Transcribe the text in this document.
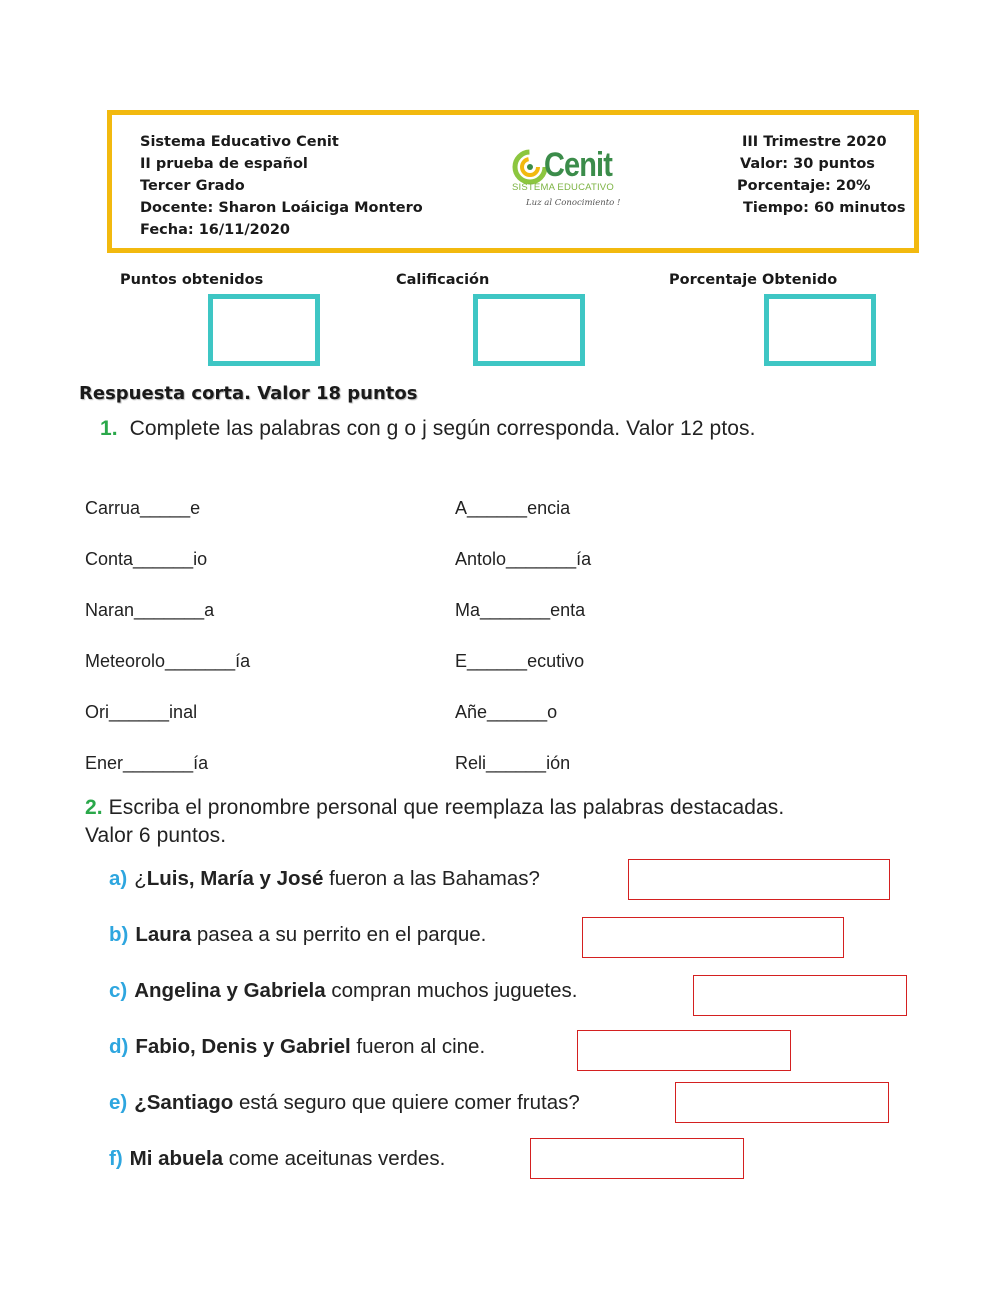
Sistema Educativo Cenit
II prueba de español
Tercer Grado
Docente: Sharon Loáiciga Montero
Fecha: 16/11/2020
Cenit
SISTEMA EDUCATIVO
Luz al Conocimiento !
III Trimestre 2020
Valor: 30 puntos
Porcentaje: 20%
Tiempo: 60 minutos
Puntos obtenidos	Calificación	Porcentaje Obtenido
Respuesta corta. Valor 18 puntos
1. Complete las palabras con g o j según corresponda. Valor 12 ptos.
Carrua_____e
Conta______io
Naran_______a
Meteorolo_______ía
Ori______inal
Ener_______ía
A______encia
Antolo_______ía
Ma_______enta
E______ecutivo
Añe______o
Reli______ión
2. Escriba el pronombre personal que reemplaza las palabras destacadas.
Valor 6 puntos.
a) ¿Luis, María y José fueron a las Bahamas?
b) Laura pasea a su perrito en el parque.
c) Angelina y Gabriela compran muchos juguetes.
d) Fabio, Denis y Gabriel fueron al cine.
e) ¿Santiago está seguro que quiere comer frutas?
f) Mi abuela come aceitunas verdes.
